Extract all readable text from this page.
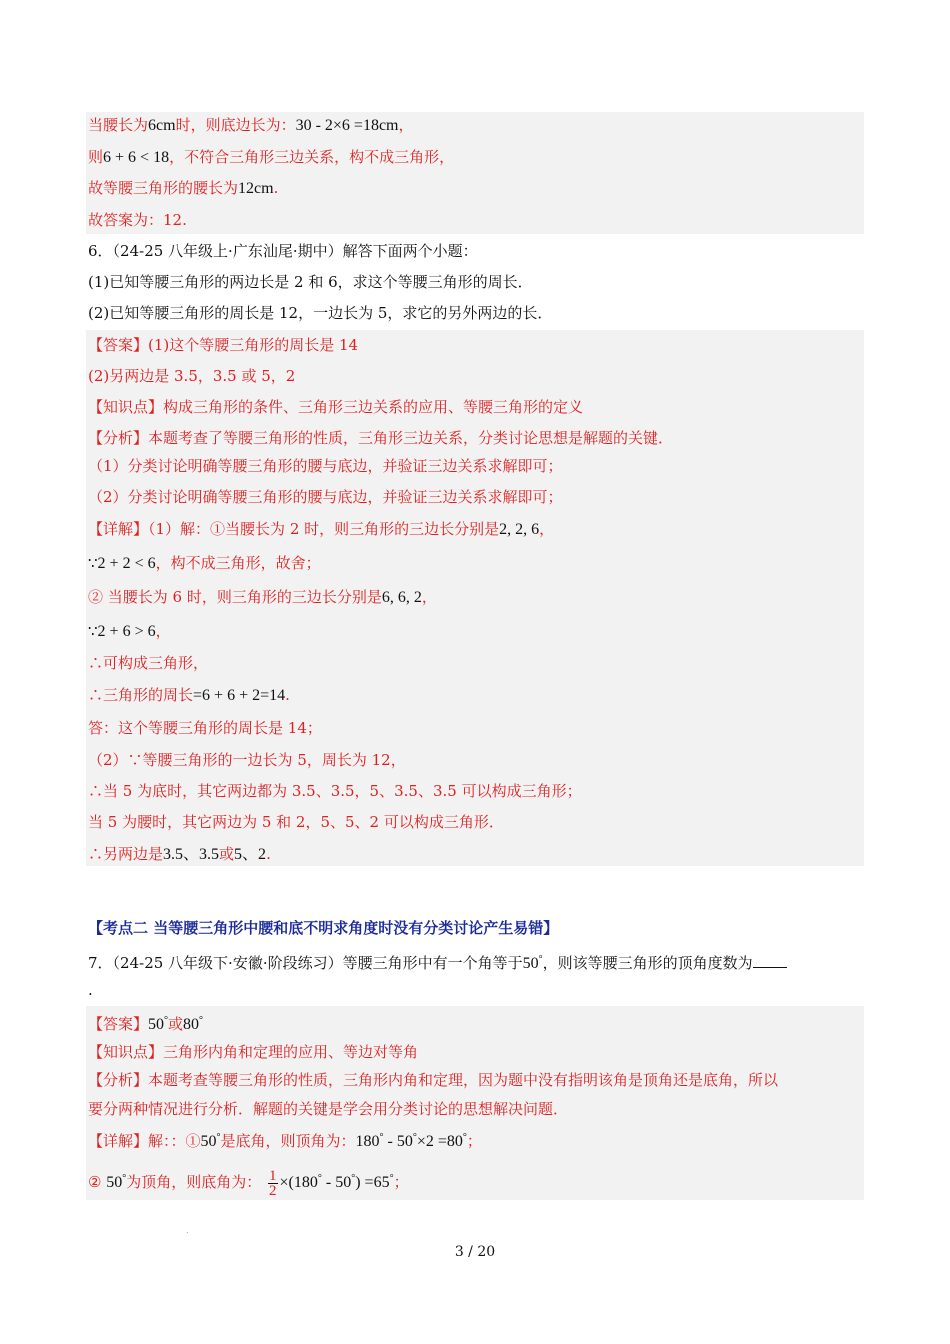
当腰长为6cm时，则底边长为：30 - 2×6 =18cm，
则6 + 6 < 18，不符合三角形三边关系，构不成三角形，
故等腰三角形的腰长为12cm.
故答案为：12.
6．（24-25 八年级上·广东汕尾·期中）解答下面两个小题：
(1)已知等腰三角形的两边长是 2 和 6，求这个等腰三角形的周长．
(2)已知等腰三角形的周长是 12，一边长为 5，求它的另外两边的长．
【答案】(1)这个等腰三角形的周长是 14
(2)另两边是 3.5，3.5 或 5，2
【知识点】构成三角形的条件、三角形三边关系的应用、等腰三角形的定义
【分析】本题考查了等腰三角形的性质，三角形三边关系，分类讨论思想是解题的关键．
（1）分类讨论明确等腰三角形的腰与底边，并验证三边关系求解即可；
（2）分类讨论明确等腰三角形的腰与底边，并验证三边关系求解即可；
【详解】（1）解：①当腰长为 2 时，则三角形的三边长分别是2, 2, 6，
∵2 + 2 < 6，构不成三角形，故舍；
② 当腰长为 6 时，则三角形的三边长分别是6, 6, 2，
∵2 + 6 > 6，
∴可构成三角形，
∴三角形的周长=6 + 6 + 2=14.
答：这个等腰三角形的周长是 14；
（2）∵等腰三角形的一边长为 5，周长为 12，
∴当 5 为底时，其它两边都为 3.5、3.5，5、3.5、3.5 可以构成三角形；
当 5 为腰时，其它两边为 5 和 2，5、5、2 可以构成三角形．
∴另两边是3.5、3.5或5、2.
【考点二 当等腰三角形中腰和底不明求角度时没有分类讨论产生易错】
7．（24-25 八年级下·安徽·阶段练习）等腰三角形中有一个角等于50°，则该等腰三角形的顶角度数为
.
【答案】50°或80°
【知识点】三角形内角和定理的应用、等边对等角
【分析】本题考查等腰三角形的性质，三角形内角和定理，因为题中没有指明该角是顶角还是底角，所以
要分两种情况进行分析．解题的关键是学会用分类讨论的思想解决问题．
【详解】解：：①50°是底角，则顶角为：180° - 50°×2 =80°；
② 50°为顶角，则底角为： $\frac{1}{2} \times(180^\circ - 50^\circ) =65^\circ$；
.
3 / 20
